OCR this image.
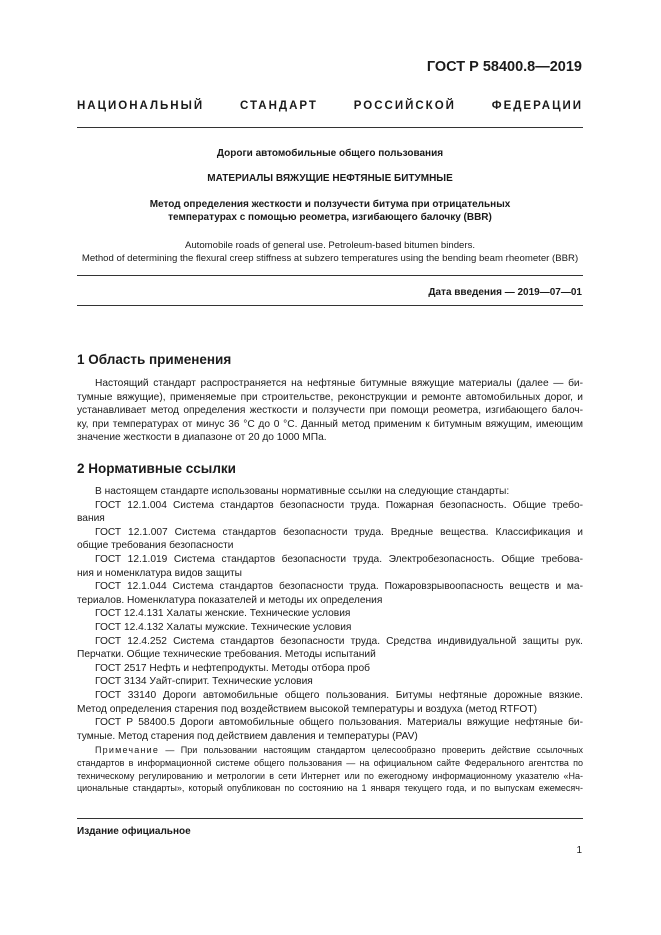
ГОСТ Р 58400.8—2019
НАЦИОНАЛЬНЫЙ СТАНДАРТ РОССИЙСКОЙ ФЕДЕРАЦИИ
Дороги автомобильные общего пользования
МАТЕРИАЛЫ ВЯЖУЩИЕ НЕФТЯНЫЕ БИТУМНЫЕ
Метод определения жесткости и ползучести битума при отрицательных
температурах с помощью реометра, изгибающего балочку (BBR)
Automobile roads of general use. Petroleum-based bitumen binders.
Method of determining the flexural creep stiffness at subzero temperatures using the bending beam rheometer (BBR)
Дата введения — 2019—07—01
1 Область применения
Настоящий стандарт распространяется на нефтяные битумные вяжущие материалы (далее — би-
тумные вяжущие), применяемые при строительстве, реконструкции и ремонте автомобильных дорог, и
устанавливает метод определения жесткости и ползучести при помощи реометра, изгибающего балоч-
ку, при температурах от минус 36 °C до 0 °C. Данный метод применим к битумным вяжущим, имеющим
значение жесткости в диапазоне от 20 до 1000 МПа.
2 Нормативные ссылки
В настоящем стандарте использованы нормативные ссылки на следующие стандарты:
ГОСТ 12.1.004 Система стандартов безопасности труда. Пожарная безопасность. Общие требо-
вания
ГОСТ 12.1.007 Система стандартов безопасности труда. Вредные вещества. Классификация и
общие требования безопасности
ГОСТ 12.1.019 Система стандартов безопасности труда. Электробезопасность. Общие требова-
ния и номенклатура видов защиты
ГОСТ 12.1.044 Система стандартов безопасности труда. Пожаровзрывоопасность веществ и ма-
териалов. Номенклатура показателей и методы их определения
ГОСТ 12.4.131 Халаты женские. Технические условия
ГОСТ 12.4.132 Халаты мужские. Технические условия
ГОСТ 12.4.252 Система стандартов безопасности труда. Средства индивидуальной защиты рук.
Перчатки. Общие технические требования. Методы испытаний
ГОСТ 2517 Нефть и нефтепродукты. Методы отбора проб
ГОСТ 3134 Уайт-спирит. Технические условия
ГОСТ 33140 Дороги автомобильные общего пользования. Битумы нефтяные дорожные вязкие.
Метод определения старения под воздействием высокой температуры и воздуха (метод RTFOT)
ГОСТ Р 58400.5 Дороги автомобильные общего пользования. Материалы вяжущие нефтяные би-
тумные. Метод старения под действием давления и температуры (PAV)
Примечание — При пользовании настоящим стандартом целесообразно проверить действие ссылочных
стандартов в информационной системе общего пользования — на официальном сайте Федерального агентства по
техническому регулированию и метрологии в сети Интернет или по ежегодному информационному указателю «На-
циональные стандарты», который опубликован по состоянию на 1 января текущего года, и по выпускам ежемесяч-
Издание официальное
1
